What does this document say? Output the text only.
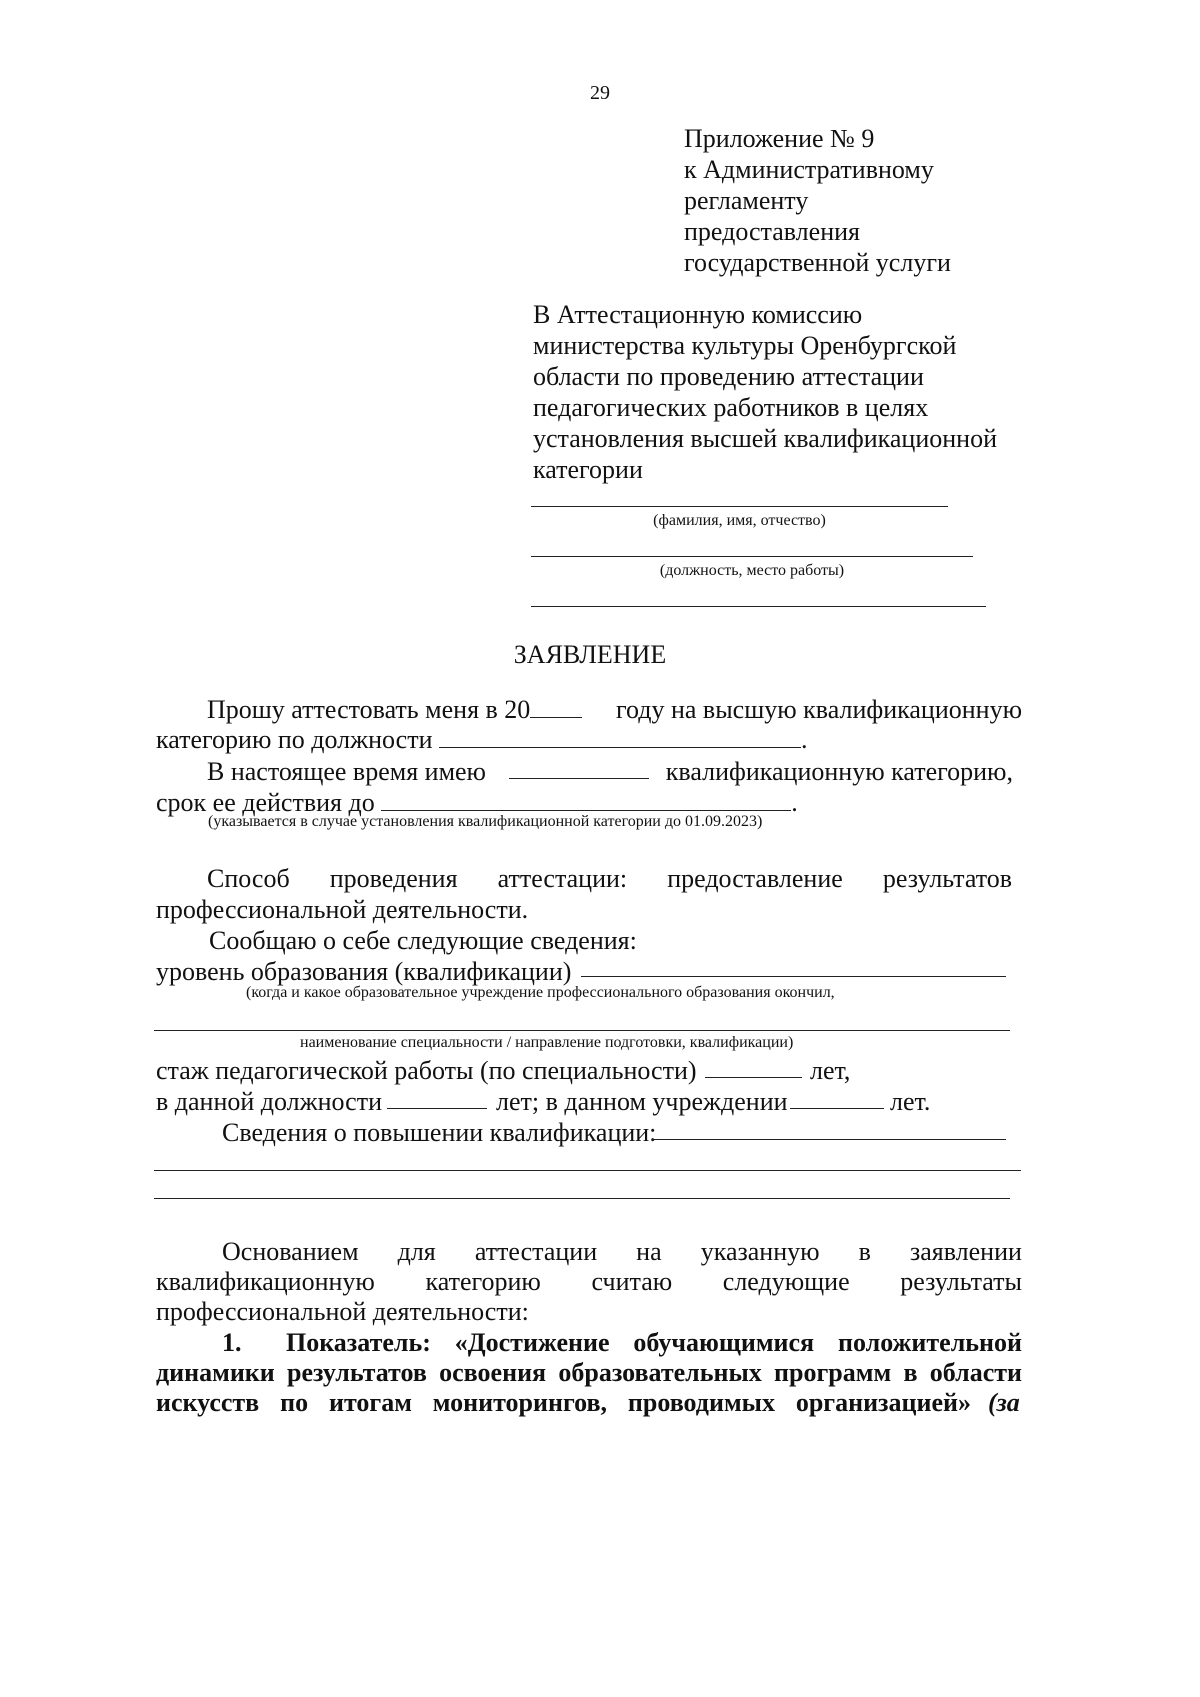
29
Приложение № 9
к Административному
регламенту
предоставления
государственной услуги
В Аттестационную комиссию
министерства культуры Оренбургской
области по проведению аттестации
педагогических работников в целях
установления высшей квалификационной
категории
(фамилия, имя, отчество)
(должность, место работы)
ЗАЯВЛЕНИЕ
Прошу аттестовать меня в 20	году на высшую квалификационную
категорию по должности	.
В настоящее время имею	квалификационную категорию,
срок ее действия до	.
(указывается в случае установления квалификационной категории до 01.09.2023)
Способ проведения аттестации: предоставление результатов
профессиональной деятельности.
Сообщаю о себе следующие сведения:
уровень образования (квалификации)
(когда и какое образовательное учреждение профессионального образования окончил,
наименование специальности / направление подготовки, квалификации)
стаж педагогической работы (по специальности)	лет,
в данной должности	лет; в данном учреждении	лет.
Сведения о повышении квалификации:
Основанием для аттестации на указанную в заявлении
квалификационную категорию считаю следующие результаты
профессиональной деятельности:
1. Показатель: «Достижение обучающимися положительной
динамики результатов освоения образовательных программ в области
искусств по итогам мониторингов, проводимых организацией» (за
